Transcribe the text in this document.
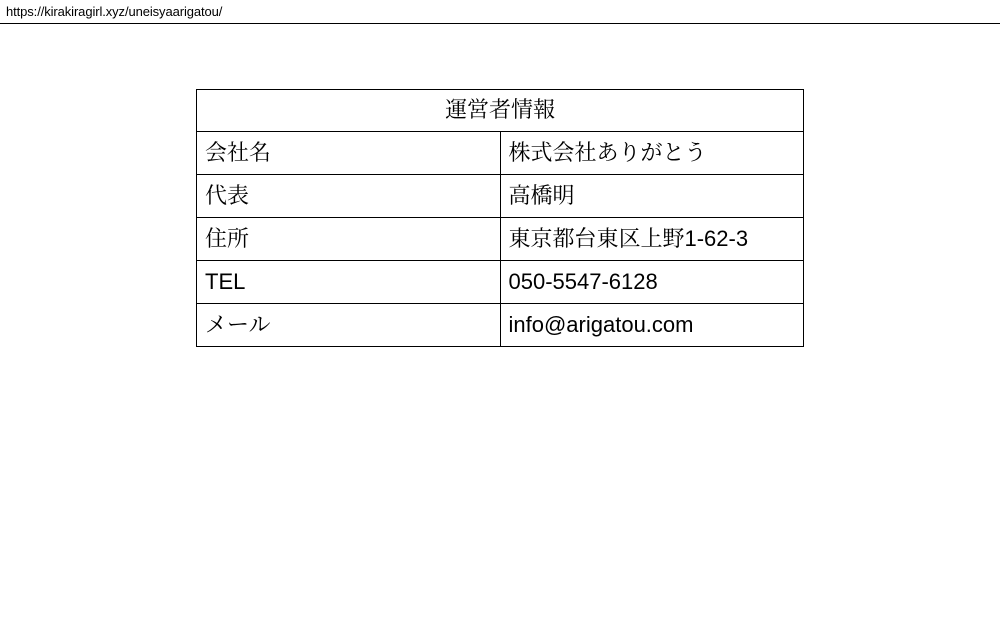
https://kirakiragirl.xyz/uneisyaarigatou/
運営者情報	
会社名	株式会社ありがとう
代表	高橋明
住所	東京都台東区上野1-62-3
TEL	050-5547-6128
メール	info@arigatou.com
